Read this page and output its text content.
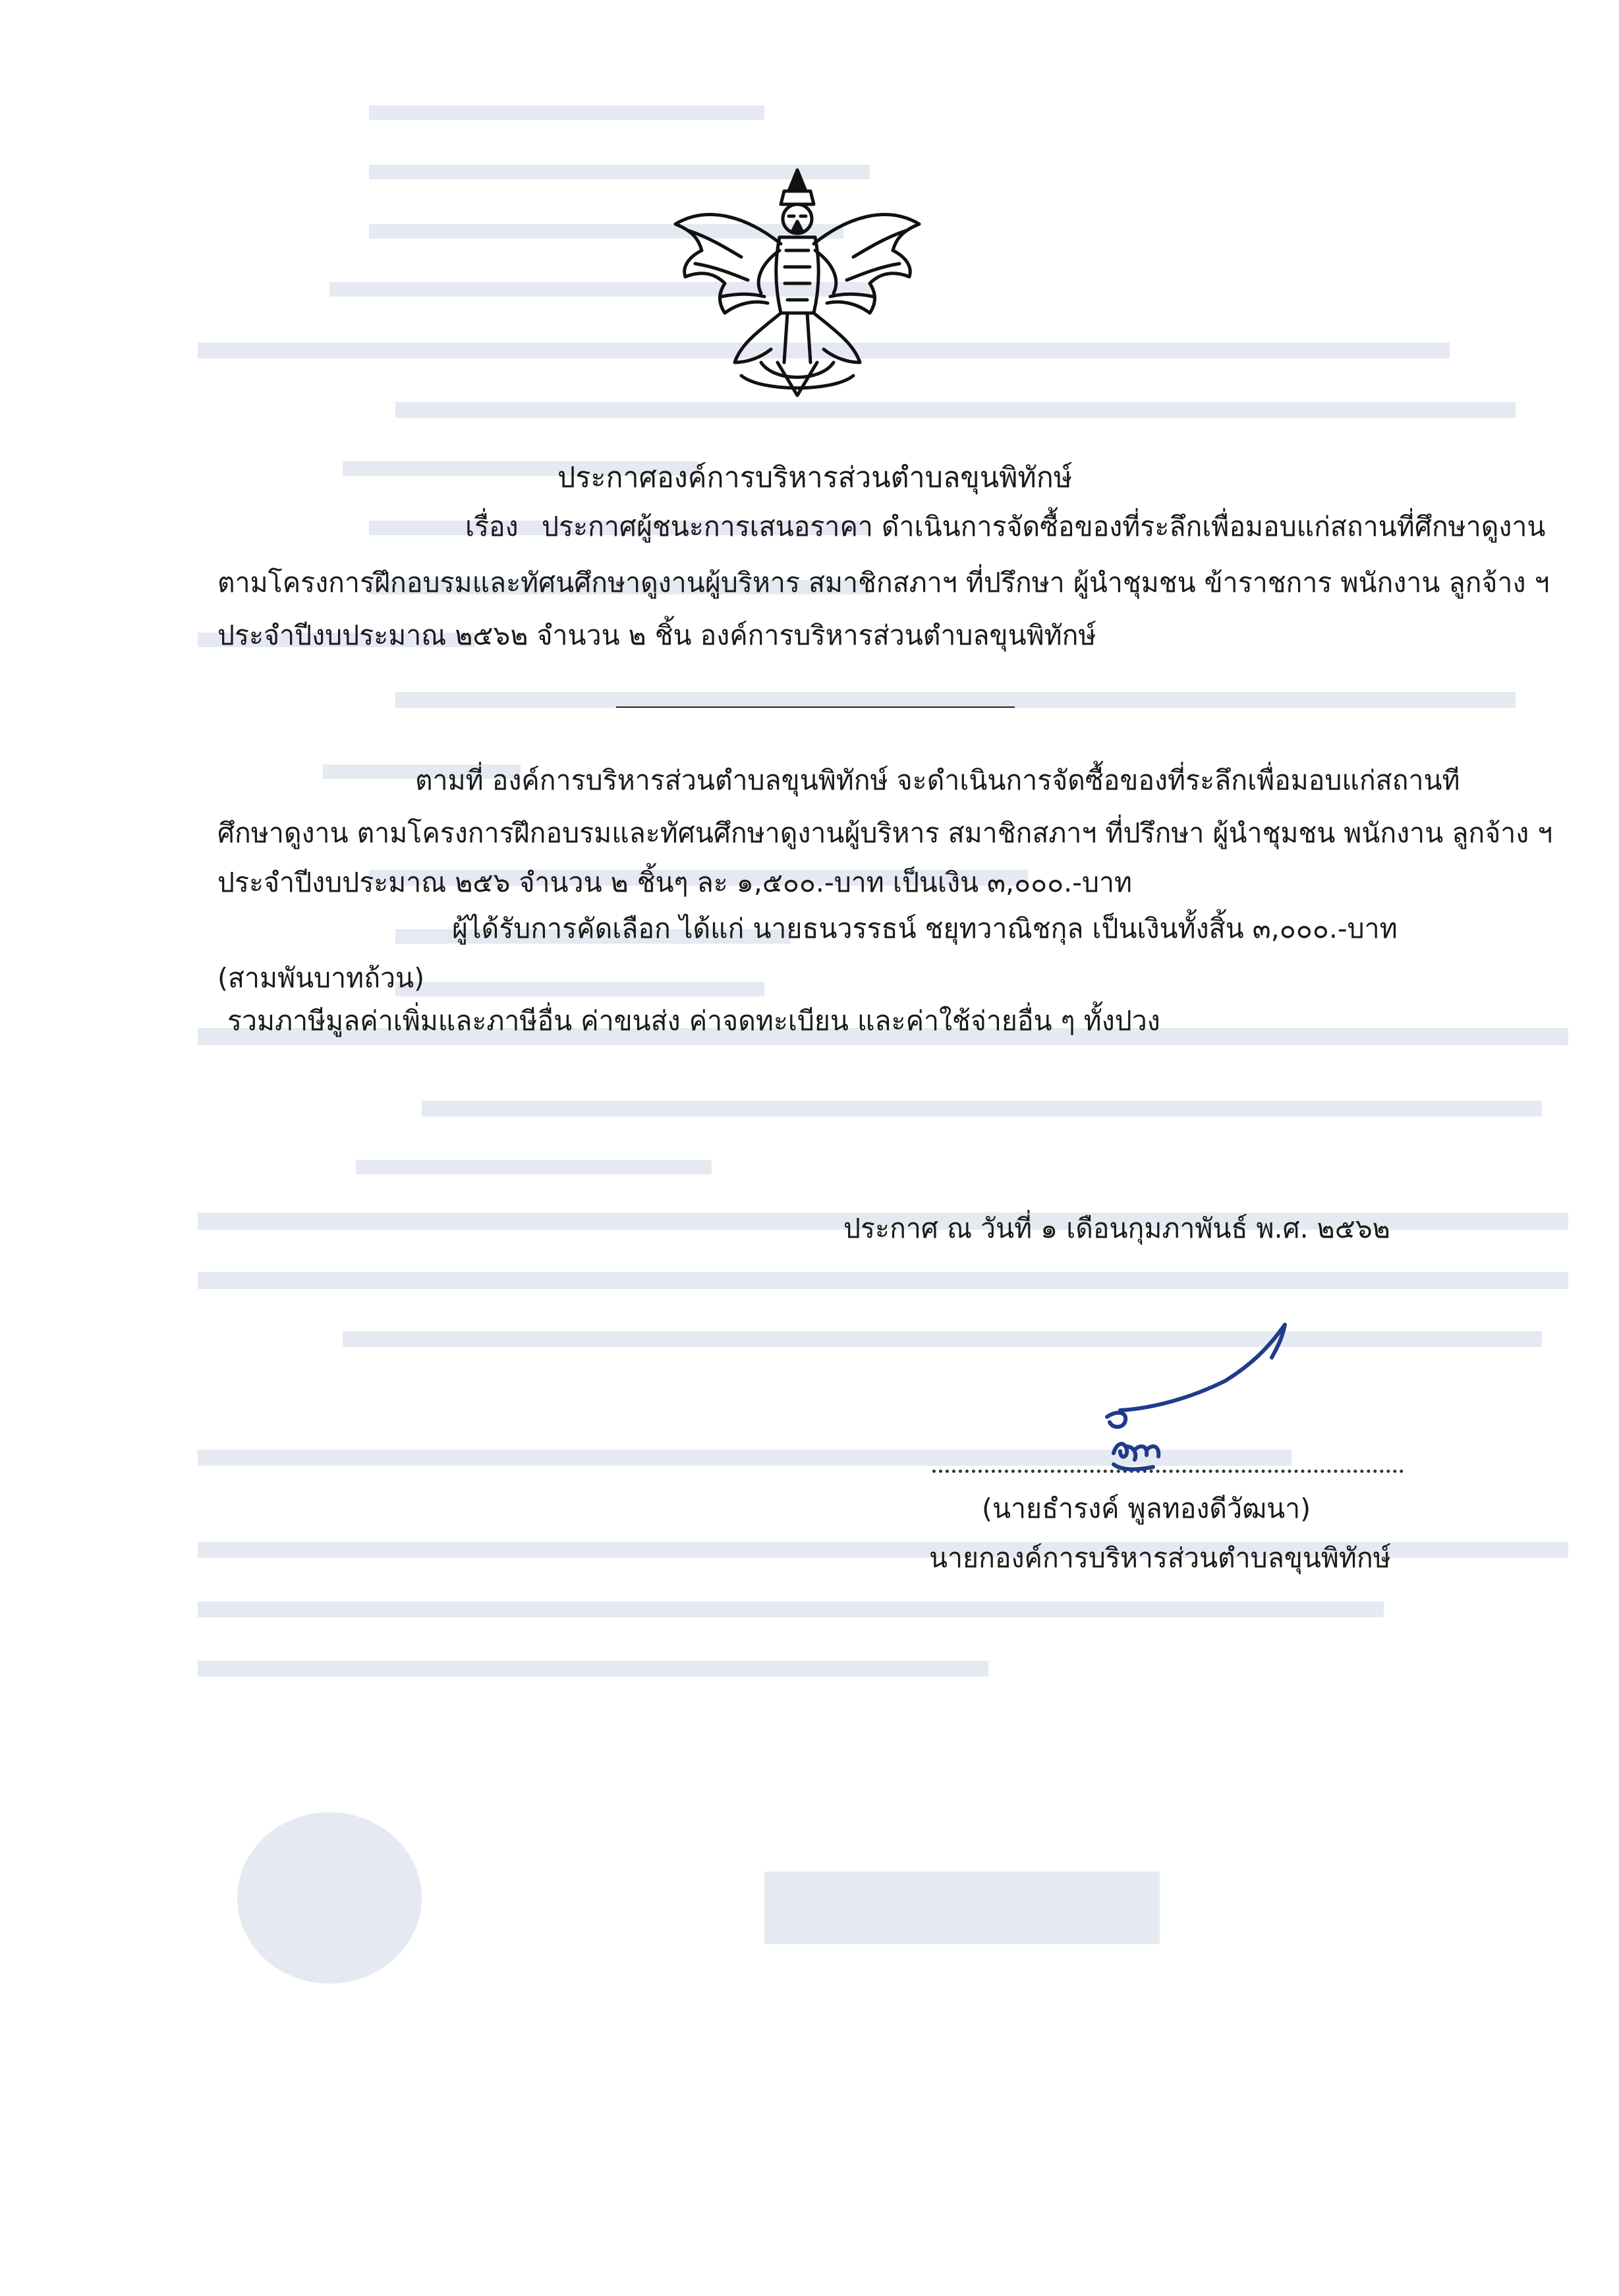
ประกาศองค์การบริหารส่วนตำบลขุนพิทักษ์
เรื่อง ประกาศผู้ชนะการเสนอราคา ดำเนินการจัดซื้อของที่ระลึกเพื่อมอบแก่สถานที่ศึกษาดูงาน
ตามโครงการฝึกอบรมและทัศนศึกษาดูงานผู้บริหาร สมาชิกสภาฯ ที่ปรึกษา ผู้นำชุมชน ข้าราชการ พนักงาน ลูกจ้าง ฯ
ประจำปีงบประมาณ ๒๕๖๒ จำนวน ๒ ชิ้น องค์การบริหารส่วนตำบลขุนพิทักษ์
ตามที่ องค์การบริหารส่วนตำบลขุนพิทักษ์ จะดำเนินการจัดซื้อของที่ระลึกเพื่อมอบแก่สถานที
ศึกษาดูงาน ตามโครงการฝึกอบรมและทัศนศึกษาดูงานผู้บริหาร สมาชิกสภาฯ ที่ปรึกษา ผู้นำชุมชน พนักงาน ลูกจ้าง ฯ
ประจำปีงบประมาณ ๒๕๖ จำนวน ๒ ชิ้นๆ ละ ๑,๕๐๐.-บาท เป็นเงิน ๓,๐๐๐.-บาท
ผู้ได้รับการคัดเลือก ได้แก่ นายธนวรรธน์ ชยุทวาณิชกุล เป็นเงินทั้งสิ้น ๓,๐๐๐.-บาท
(สามพันบาทถ้วน)
รวมภาษีมูลค่าเพิ่มและภาษีอื่น ค่าขนส่ง ค่าจดทะเบียน และค่าใช้จ่ายอื่น ๆ ทั้งปวง
ประกาศ ณ วันที่ ๑ เดือนกุมภาพันธ์ พ.ศ. ๒๕๖๒
(นายธำรงค์ พูลทองดีวัฒนา)
นายกองค์การบริหารส่วนตำบลขุนพิทักษ์
